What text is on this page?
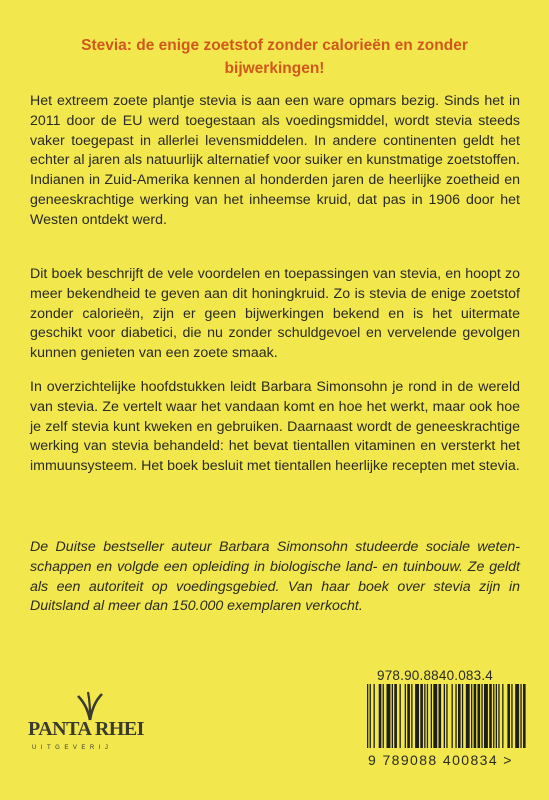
Stevia: de enige zoetstof zonder calorieën en zonder bijwerkingen!

Het extreem zoete plantje stevia is aan een ware opmars bezig. Sinds het in 2011 door de EU werd toegestaan als voedingsmiddel, wordt stevia steeds vaker toegepast in allerlei levensmiddelen. In andere continenten geldt het echter al jaren als natuurlijk alternatief voor suiker en kunstmatige zoetstoffen. Indianen in Zuid-Amerika kennen al honderden jaren de heerlijke zoetheid en geneeskrachtige werking van het inheemse kruid, dat pas in 1906 door het Westen ontdekt werd.

Dit boek beschrijft de vele voordelen en toepassingen van stevia, en hoopt zo meer bekendheid te geven aan dit honingkruid. Zo is stevia de enige zoetstof zonder calorieën, zijn er geen bijwerkingen bekend en is het uitermate geschikt voor diabetici, die nu zonder schuldgevoel en vervelende gevolgen kunnen genieten van een zoete smaak.

In overzichtelijke hoofdstukken leidt Barbara Simonsohn je rond in de wereld van stevia. Ze vertelt waar het vandaan komt en hoe het werkt, maar ook hoe je zelf stevia kunt kweken en gebruiken. Daarnaast wordt de geneeskrachtige werking van stevia behandeld: het bevat tientallen vitaminen en versterkt het immuunsysteem. Het boek besluit met tientallen heerlijke recepten met stevia.

De Duitse bestseller auteur Barbara Simonsohn studeerde sociale weten-schappen en volgde een opleiding in biologische land- en tuinbouw. Ze geldt als een autoriteit op voedingsgebied. Van haar boek over stevia zijn in Duitsland al meer dan 150.000 exemplaren verkocht.

PANTA RHEI
UITGEVERIJ
978.90.8840.083.4
9 789088 400834 >
